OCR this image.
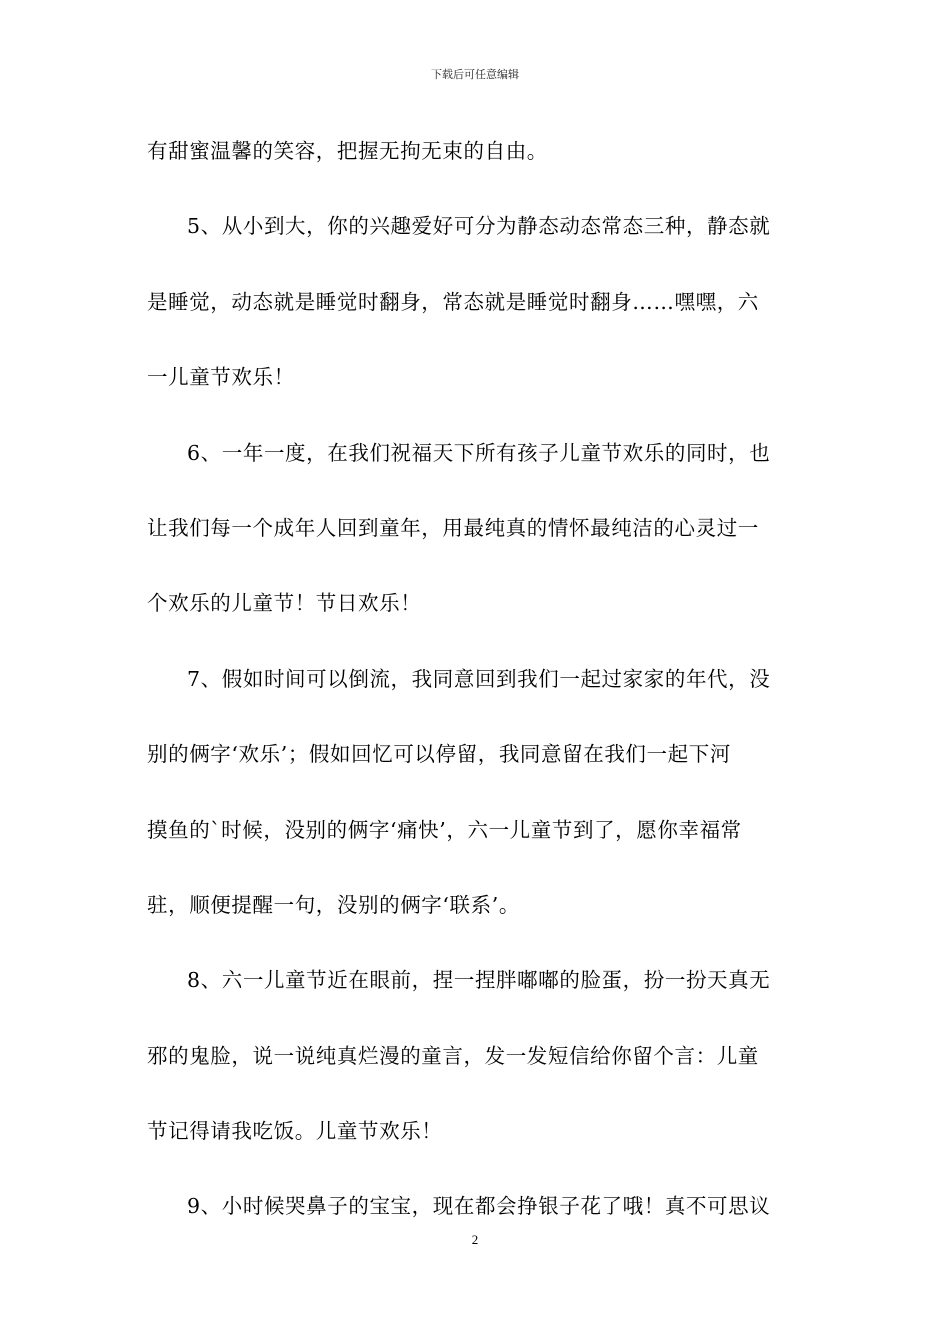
下载后可任意编辑
有甜蜜温馨的笑容，把握无拘无束的自由。
5、从小到大，你的兴趣爱好可分为静态动态常态三种，静态就
是睡觉，动态就是睡觉时翻身，常态就是睡觉时翻身……嘿嘿，六
一儿童节欢乐！
6、一年一度，在我们祝福天下所有孩子儿童节欢乐的同时，也
让我们每一个成年人回到童年，用最纯真的情怀最纯洁的心灵过一
个欢乐的儿童节！节日欢乐！
7、假如时间可以倒流，我同意回到我们一起过家家的年代，没
别的俩字‘欢乐’；假如回忆可以停留，我同意留在我们一起下河
摸鱼的`时候，没别的俩字‘痛快’，六一儿童节到了，愿你幸福常
驻，顺便提醒一句，没别的俩字‘联系’。
8、六一儿童节近在眼前，捏一捏胖嘟嘟的脸蛋，扮一扮天真无
邪的鬼脸，说一说纯真烂漫的童言，发一发短信给你留个言：儿童
节记得请我吃饭。儿童节欢乐！
9、小时候哭鼻子的宝宝，现在都会挣银子花了哦！真不可思议
2
